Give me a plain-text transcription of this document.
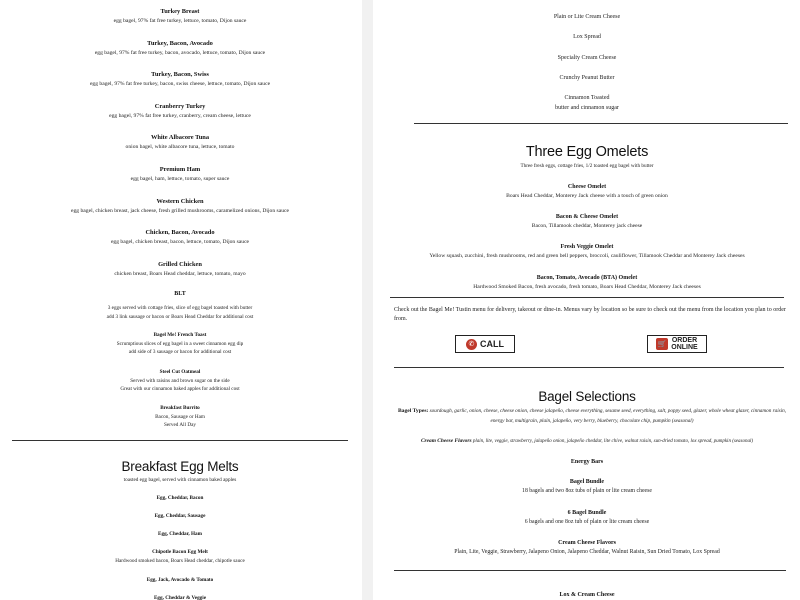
Turkey Breast
egg bagel, 97% fat free turkey, lettuce, tomato, Dijon sauce
Turkey, Bacon, Avocado
egg bagel, 97% fat free turkey, bacon, avocado, lettuce, tomato, Dijon sauce
Turkey, Bacon, Swiss
egg bagel, 97% fat free turkey, bacon, swiss cheese, lettuce, tomato, Dijon sauce
Cranberry Turkey
egg bagel, 97% fat free turkey, cranberry, cream cheese, lettuce
White Albacore Tuna
onion bagel, white albacore tuna, lettuce, tomato
Premium Ham
egg bagel, ham, lettuce, tomato, super sauce
Western Chicken
egg bagel, chicken breast, jack cheese, fresh grilled mushrooms, caramelized onions, Dijon sauce
Chicken, Bacon, Avocado
egg bagel, chicken breast, bacon, lettuce, tomato, Dijon sauce
Grilled Chicken
chicken breast, Boars Head cheddar, lettuce, tomato, mayo
BLT
3 eggs served with cottage fries, slice of egg bagel toasted with butter
add 3 link sausage or bacon or Boars Head Cheddar for additional cost
Bagel Me! French Toast
Scrumptious slices of egg bagel in a sweet cinnamon egg dip
add side of 3 sausage or bacon for additional cost
Steel Cut Oatmeal
Served with raisins and brown sugar on the side
Great with our cinnamon baked apples for additional cost
Breakfast Burrito
Bacon, Sausage or Ham
Served All Day
Breakfast Egg Melts
toasted egg bagel, served with cinnamon baked apples
Egg, Cheddar, Bacon
Egg, Cheddar, Sausage
Egg, Cheddar, Ham
Chipotle Bacon Egg Melt
Hardwood smoked bacon, Boars Head cheddar, chipotle sauce
Egg, Jack, Avocado & Tomato
Egg, Cheddar & Veggie
Plain or Lite Cream Cheese
Lox Spread
Specialty Cream Cheese
Crunchy Peanut Butter
Cinnamon Toasted
butter and cinnamon sugar
Three Egg Omelets
Three fresh eggs, cottage fries, 1/2 toasted egg bagel with butter
Cheese Omelet
Boars Head Cheddar, Monterey Jack cheese with a touch of green onion
Bacon & Cheese Omelet
Bacon, Tillamook cheddar, Monterey jack cheese
Fresh Veggie Omelet
Yellow squash, zucchini, fresh mushrooms, red and green bell peppers, broccoli, cauliflower, Tillamook Cheddar and Monterey Jack cheeses
Bacon, Tomato, Avocado (BTA) Omelet
Hardwood Smoked Bacon, fresh avocado, fresh tomato, Boars Head Cheddar, Monterey Jack cheeses
Check out the Bagel Me! Tustin menu for delivery, takeout or dine-in. Menus vary by location so be sure to check out the menu from the location you plan to order from.
✆ CALL	🛒 ORDER
ONLINE
Bagel Selections
Bagel Types: sourdough, garlic, onion, cheese, cheese onion, cheese jalapeño, cheese everything, sesame seed, everything, salt, poppy seed, glazer, whole wheat glazer, cinnamon raisin, energy bar, multigrain, plain, jalapeño, very berry, blueberry, chocolate chip, pumpkin (seasonal)
Cream Cheese Flavors plain, lite, veggie, strawberry, jalapeño onion, jalapeño cheddar, lite chive, walnut raisin, sun-dried tomato, lox spread, pumpkin (seasonal)
Energy Bars
Bagel Bundle
18 bagels and two 8oz tubs of plain or lite cream cheese
6 Bagel Bundle
6 bagels and one 8oz tub of plain or lite cream cheese
Cream Cheese Flavors
Plain, Lite, Veggie, Strawberry, Jalapeno Onion, Jalapeno Cheddar, Walnut Raisin, Sun Dried Tomato, Lox Spread
Lox & Cream Cheese
